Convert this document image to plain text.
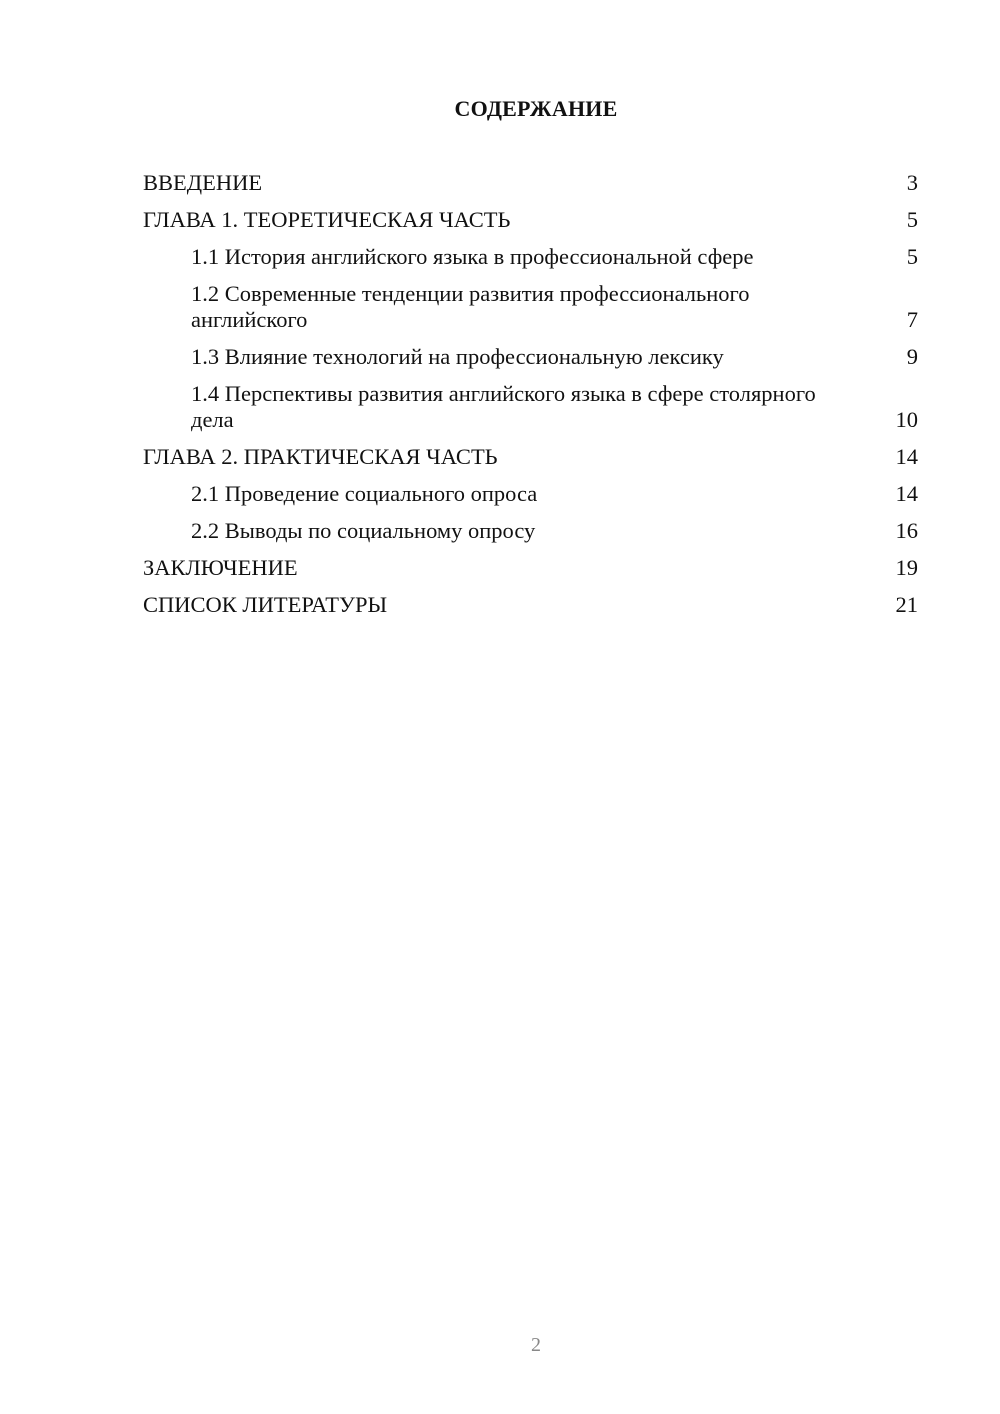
СОДЕРЖАНИЕ
ВВЕДЕНИЕ	3
ГЛАВА 1. ТЕОРЕТИЧЕСКАЯ ЧАСТЬ	5
1.1 История английского языка в профессиональной сфере	5
1.2 Современные тенденции развития профессионального английского	7
1.3 Влияние технологий на профессиональную лексику	9
1.4 Перспективы развития английского языка в сфере столярного дела	10
ГЛАВА 2. ПРАКТИЧЕСКАЯ ЧАСТЬ	14
2.1 Проведение социального опроса	14
2.2 Выводы по социальному опросу	16
ЗАКЛЮЧЕНИЕ	19
СПИСОК ЛИТЕРАТУРЫ	21
2
